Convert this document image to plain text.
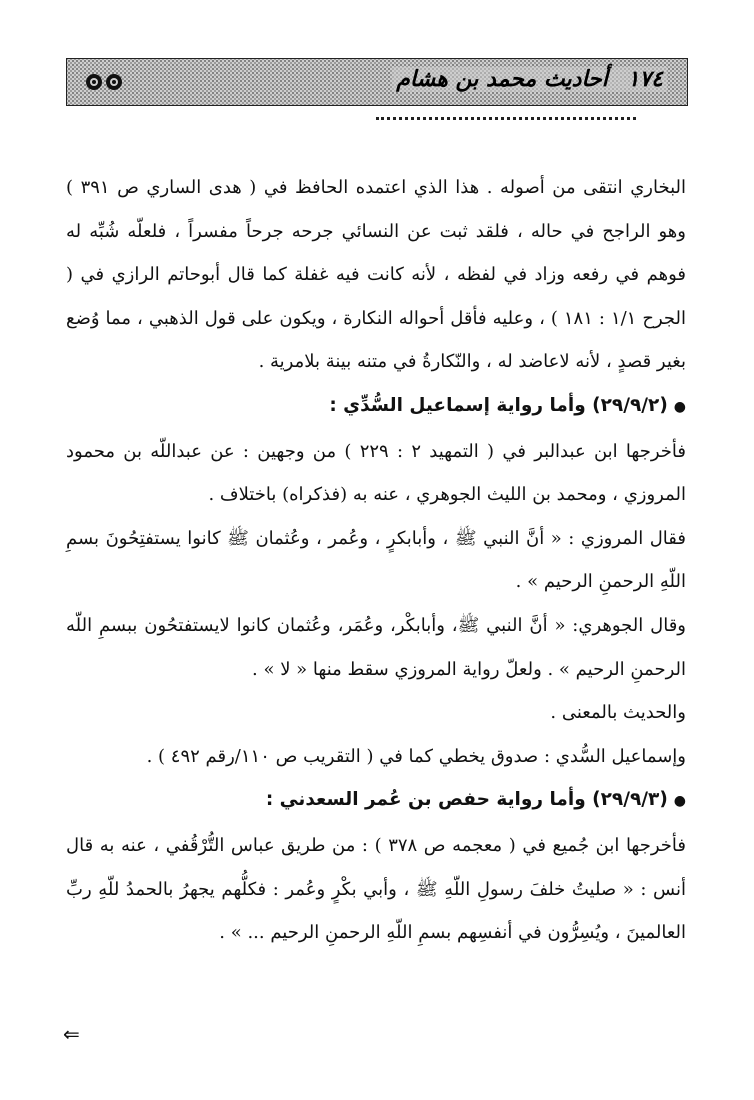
١٧٤ أحاديث محمد بن هشام

البخاري انتقى من أصوله . هذا الذي اعتمده الحافظ في ( هدى الساري ص ٣٩١ ) وهو الراجح في حاله ، فلقد ثبت عن النسائي جرحه جرحاً مفسراً ، فلعلّه شُبِّه له فوهم في رفعه وزاد في لفظه ، لأنه كانت فيه غفلة كما قال أبوحاتم الرازي في ( الجرح ١/١ : ١٨١ ) ، وعليه فأقل أحواله النكارة ، ويكون على قول الذهبي ، مما وُضع بغير قصدٍ ، لأنه لاعاضد له ، والنّكارةُ في متنه بينة بلامرية .

●(٢٩/٩/٢) وأما رواية إسماعيل السُّدِّي :

فأخرجها ابن عبدالبر في ( التمهيد ٢ : ٢٢٩ ) من وجهين : عن عبداللّه بن محمود المروزي ، ومحمد بن الليث الجوهري ، عنه به (فذكراه) باختلاف .

فقال المروزي : « أنَّ النبي ﷺ ، وأبابكرٍ ، وعُمر ، وعُثمان ﷺ كانوا يستفتِحُونَ بسمِ اللّهِ الرحمنِ الرحيم » .

وقال الجوهري: « أنَّ النبي ﷺ، وأبابكْر، وعُمَر، وعُثمان كانوا لايستفتحُون ببسمِ اللّه الرحمنِ الرحيم » . ولعلّ رواية المروزي سقط منها « لا » .

والحديث بالمعنى .

وإسماعيل السُّدي : صدوق يخطي كما في ( التقريب ص ١١٠/رقم ٤٩٢ ) .

●(٢٩/٩/٣) وأما رواية حفص بن عُمر السعدني :

فأخرجها ابن جُميع في ( معجمه ص ٣٧٨ ) : من طريق عباس التُّرْقُفي ، عنه به قال أنس : « صليتُ خلفَ رسولِ اللّهِ ﷺ ، وأبي بكْرٍ وعُمر : فكلُّهم يجهرُ بالحمدُ للّهِ ربِّ العالمينَ ، ويُسِرُّون في أنفسِهم بسمِ اللّهِ الرحمنِ الرحيم ... » .

⇐
